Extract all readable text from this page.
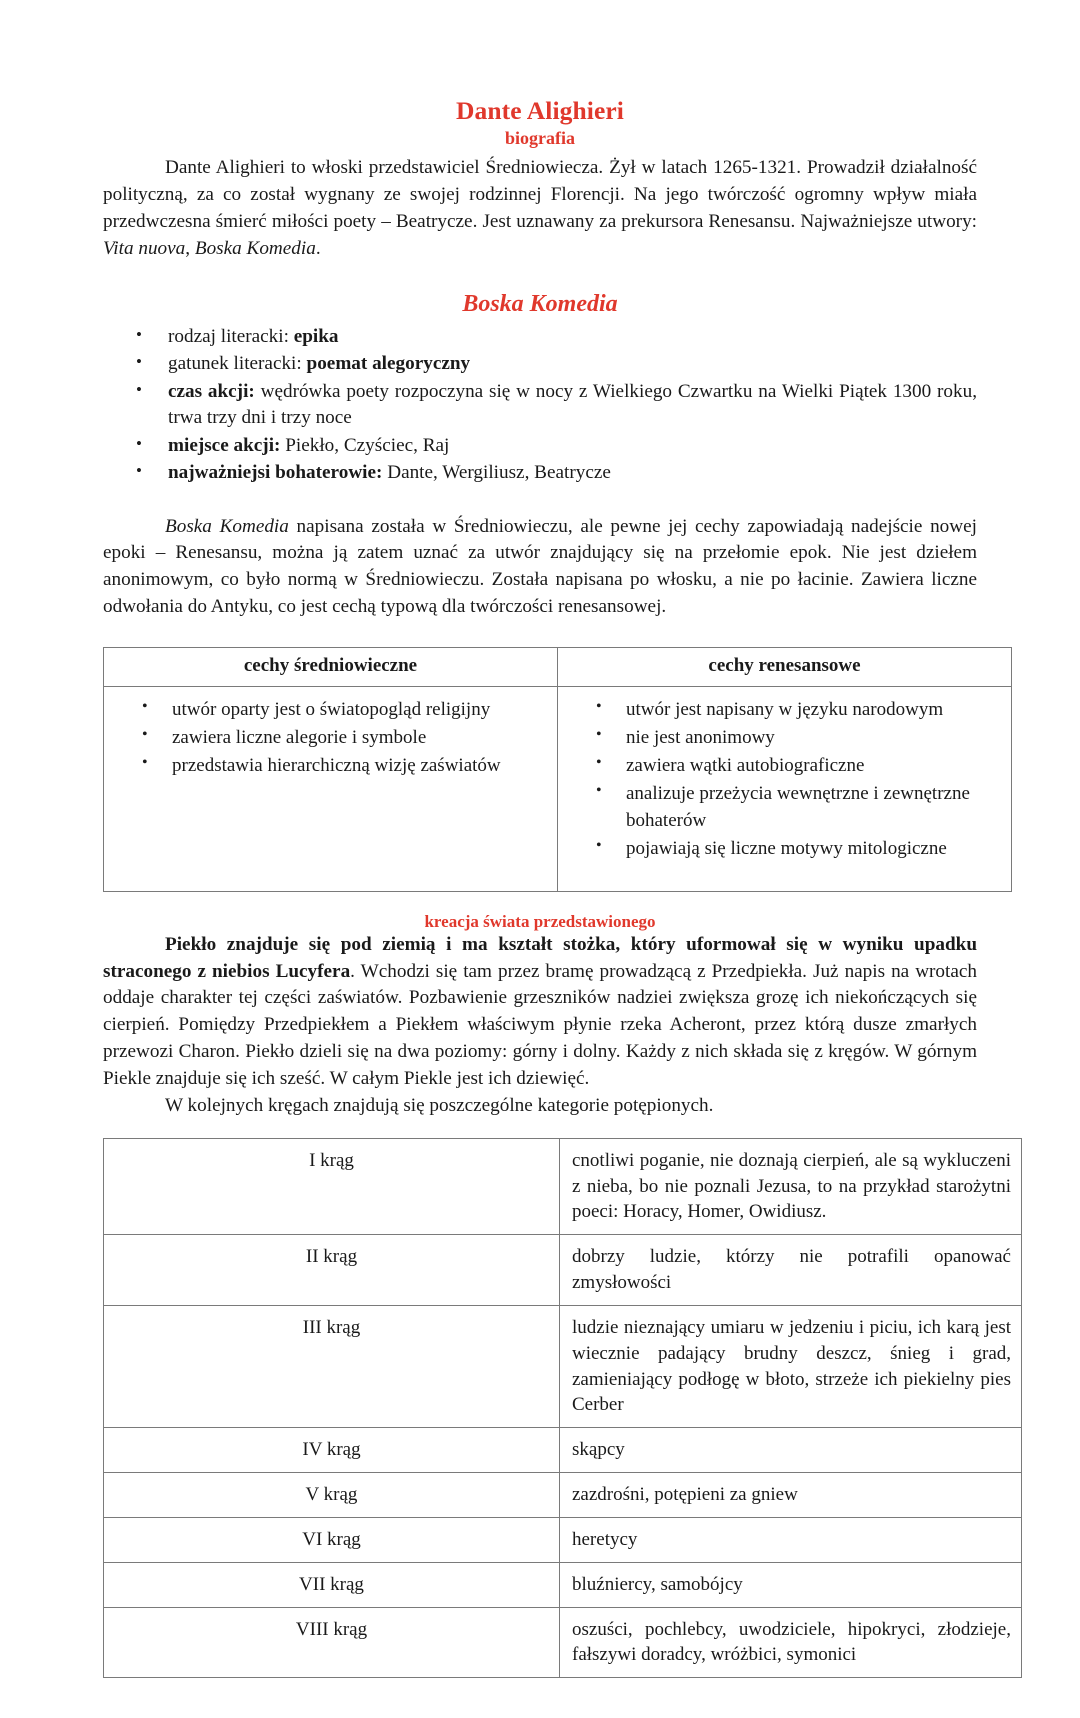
Dante Alighieri
biografia

Dante Alighieri to włoski przedstawiciel Średniowiecza. Żył w latach 1265-1321. Prowadził działalność polityczną, za co został wygnany ze swojej rodzinnej Florencji. Na jego twórczość ogromny wpływ miała przedwczesna śmierć miłości poety – Beatrycze. Jest uznawany za prekursora Renesansu. Najważniejsze utwory: Vita nuova, Boska Komedia.

Boska Komedia
• rodzaj literacki: epika
• gatunek literacki: poemat alegoryczny
• czas akcji: wędrówka poety rozpoczyna się w nocy z Wielkiego Czwartku na Wielki Piątek 1300 roku, trwa trzy dni i trzy noce
• miejsce akcji: Piekło, Czyściec, Raj
• najważniejsi bohaterowie: Dante, Wergiliusz, Beatrycze

Boska Komedia napisana została w Średniowieczu, ale pewne jej cechy zapowiadają nadejście nowej epoki – Renesansu, można ją zatem uznać za utwór znajdujący się na przełomie epok. Nie jest dziełem anonimowym, co było normą w Średniowieczu. Została napisana po włosku, a nie po łacinie. Zawiera liczne odwołania do Antyku, co jest cechą typową dla twórczości renesansowej.

cechy średniowieczne	cechy renesansowe

• utwór oparty jest o światopogląd religijny
• zawiera liczne alegorie i symbole
• przedstawia hierarchiczną wizję zaświatów

• utwór jest napisany w języku narodowym
• nie jest anonimowy
• zawiera wątki autobiograficzne
• analizuje przeżycia wewnętrzne i zewnętrzne bohaterów
• pojawiają się liczne motywy mitologiczne
kreacja świata przedstawionego

Piekło znajduje się pod ziemią i ma kształt stożka, który uformował się w wyniku upadku straconego z niebios Lucyfera. Wchodzi się tam przez bramę prowadzącą z Przedpiekła. Już napis na wrotach oddaje charakter tej części zaświatów. Pozbawienie grzeszników nadziei zwiększa grozę ich niekończących się cierpień. Pomiędzy Przedpiekłem a Piekłem właściwym płynie rzeka Acheront, przez którą dusze zmarłych przewozi Charon. Piekło dzieli się na dwa poziomy: górny i dolny. Każdy z nich składa się z kręgów. W górnym Piekle znajduje się ich sześć. W całym Piekle jest ich dziewięć.

W kolejnych kręgach znajdują się poszczególne kategorie potępionych.

I krąg	cnotliwi poganie, nie doznają cierpień, ale są wykluczeni z nieba, bo nie poznali Jezusa, to na przykład starożytni poeci: Horacy, Homer, Owidiusz.
II krąg	dobrzy ludzie, którzy nie potrafili opanować zmysłowości
III krąg	ludzie nieznający umiaru w jedzeniu i piciu, ich karą jest wiecznie padający brudny deszcz, śnieg i grad, zamieniający podłogę w błoto, strzeże ich piekielny pies Cerber
IV krąg	skąpcy
V krąg	zazdrośni, potępieni za gniew
VI krąg	heretycy
VII krąg	bluźniercy, samobójcy
VIII krąg	oszuści, pochlebcy, uwodziciele, hipokryci, złodzieje, fałszywi doradcy, wróżbici, symonici
